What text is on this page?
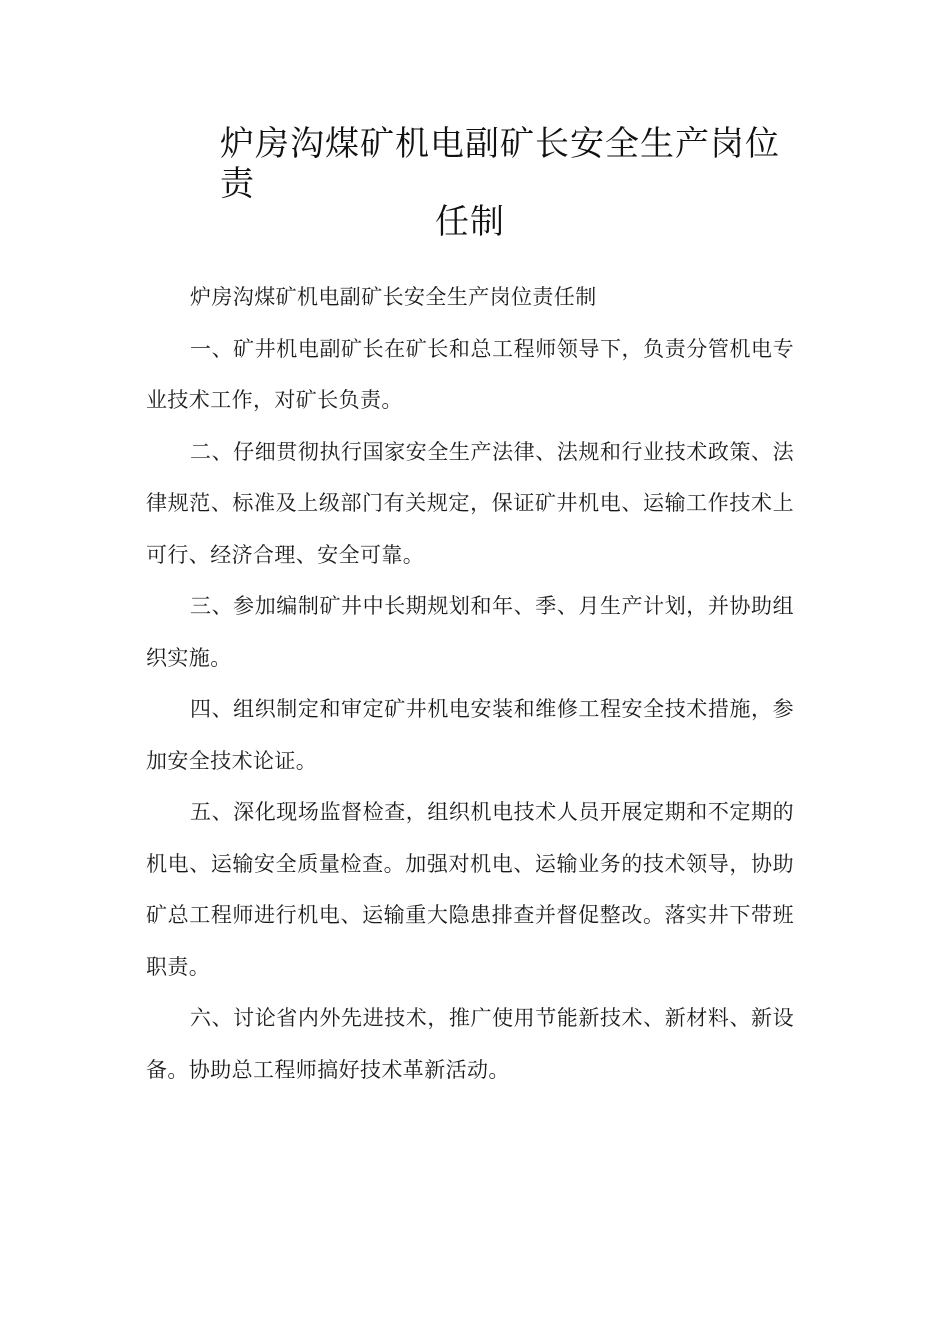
炉房沟煤矿机电副矿长安全生产岗位责
任制

炉房沟煤矿机电副矿长安全生产岗位责任制

一、矿井机电副矿长在矿长和总工程师领导下，负责分管机电专业技术工作，对矿长负责。

二、仔细贯彻执行国家安全生产法律、法规和行业技术政策、法律规范、标准及上级部门有关规定，保证矿井机电、运输工作技术上可行、经济合理、安全可靠。

三、参加编制矿井中长期规划和年、季、月生产计划，并协助组织实施。

四、组织制定和审定矿井机电安装和维修工程安全技术措施，参加安全技术论证。

五、深化现场监督检查，组织机电技术人员开展定期和不定期的机电、运输安全质量检查。加强对机电、运输业务的技术领导，协助矿总工程师进行机电、运输重大隐患排查并督促整改。落实井下带班职责。

六、讨论省内外先进技术，推广使用节能新技术、新材料、新设备。协助总工程师搞好技术革新活动。
